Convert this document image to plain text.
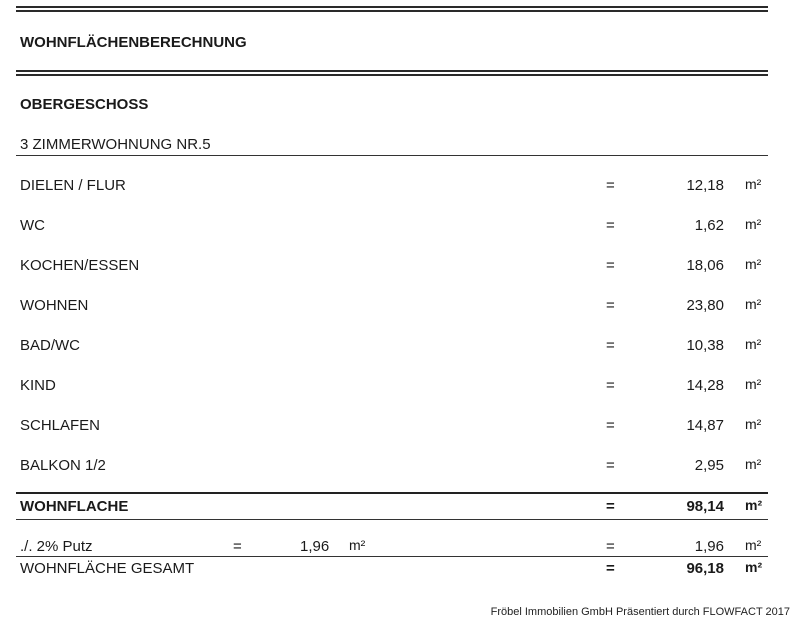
WOHNFLÄCHENBERECHNUNG
OBERGESCHOSS
3 ZIMMERWOHNUNG NR.5
DIELEN / FLUR	=	12,18 m²
WC	=	1,62 m²
KOCHEN/ESSEN	=	18,06 m²
WOHNEN	=	23,80 m²
BAD/WC	=	10,38 m²
KIND	=	14,28 m²
SCHLAFEN	=	14,87 m²
BALKON 1/2	=	2,95 m²
WOHNFLACHE	=	98,14 m²
./. 2% Putz	=	1,96 m²	=	1,96 m²
WOHNFLÄCHE GESAMT	=	96,18 m²
Fröbel Immobilien GmbH Präsentiert durch FLOWFACT 2017
